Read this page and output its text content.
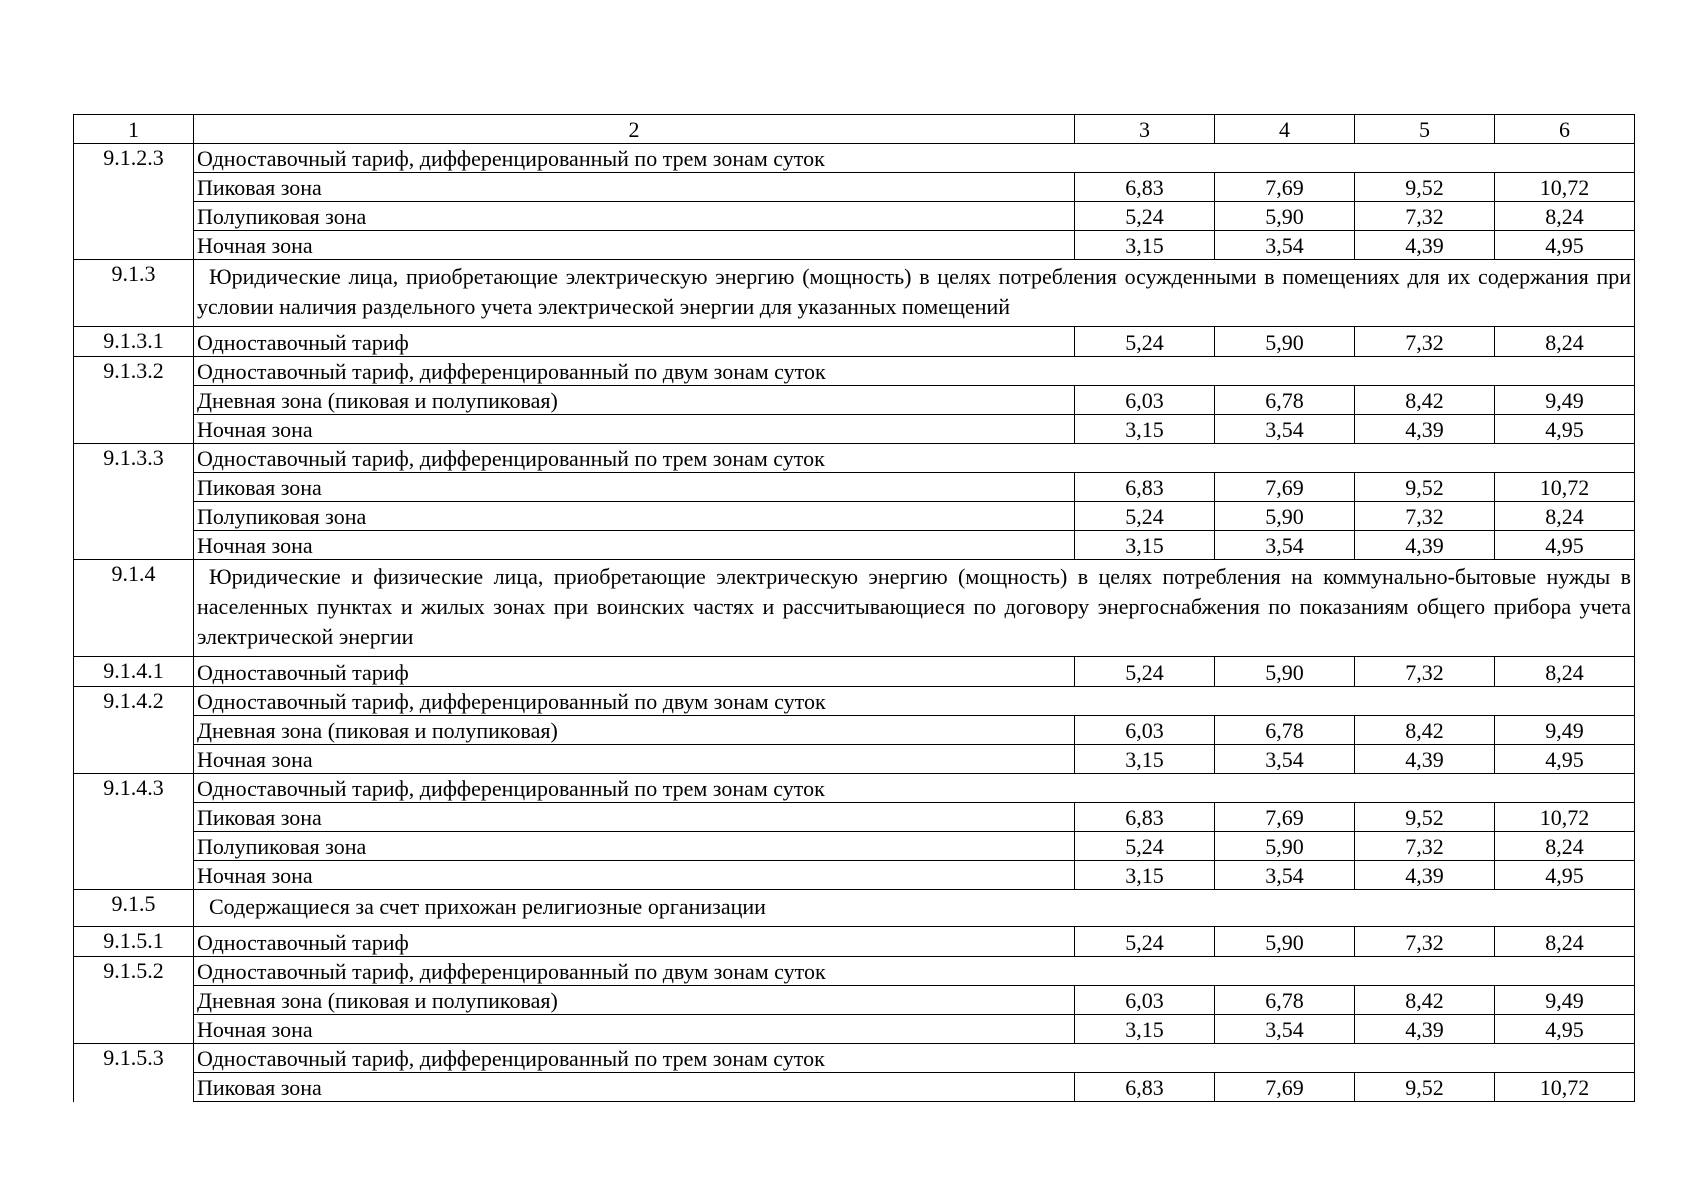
1	2	3	4	5	6
9.1.2.3	Одноставочный тариф, дифференцированный по трем зонам суток				
	Пиковая зона	6,83	7,69	9,52	10,72
	Полупиковая зона	5,24	5,90	7,32	8,24
	Ночная зона	3,15	3,54	4,39	4,95
9.1.3	Юридические лица, приобретающие электрическую энергию (мощность) в целях потребления осужденными в помещениях для их содержания при условии наличия раздельного учета электрической энергии для указанных помещений				
9.1.3.1	Одноставочный тариф	5,24	5,90	7,32	8,24
9.1.3.2	Одноставочный тариф, дифференцированный по двум зонам суток				
	Дневная зона (пиковая и полупиковая)	6,03	6,78	8,42	9,49
	Ночная зона	3,15	3,54	4,39	4,95
9.1.3.3	Одноставочный тариф, дифференцированный по трем зонам суток				
	Пиковая зона	6,83	7,69	9,52	10,72
	Полупиковая зона	5,24	5,90	7,32	8,24
	Ночная зона	3,15	3,54	4,39	4,95
9.1.4	Юридические и физические лица, приобретающие электрическую энергию (мощность) в целях потребления на коммунально-бытовые нужды в населенных пунктах и жилых зонах при воинских частях и рассчитывающиеся по договору энергоснабжения по показаниям общего прибора учета электрической энергии				
9.1.4.1	Одноставочный тариф	5,24	5,90	7,32	8,24
9.1.4.2	Одноставочный тариф, дифференцированный по двум зонам суток				
	Дневная зона (пиковая и полупиковая)	6,03	6,78	8,42	9,49
	Ночная зона	3,15	3,54	4,39	4,95
9.1.4.3	Одноставочный тариф, дифференцированный по трем зонам суток				
	Пиковая зона	6,83	7,69	9,52	10,72
	Полупиковая зона	5,24	5,90	7,32	8,24
	Ночная зона	3,15	3,54	4,39	4,95
9.1.5	Содержащиеся за счет прихожан религиозные организации				
9.1.5.1	Одноставочный тариф	5,24	5,90	7,32	8,24
9.1.5.2	Одноставочный тариф, дифференцированный по двум зонам суток				
	Дневная зона (пиковая и полупиковая)	6,03	6,78	8,42	9,49
	Ночная зона	3,15	3,54	4,39	4,95
9.1.5.3	Одноставочный тариф, дифференцированный по трем зонам суток				
	Пиковая зона	6,83	7,69	9,52	10,72
